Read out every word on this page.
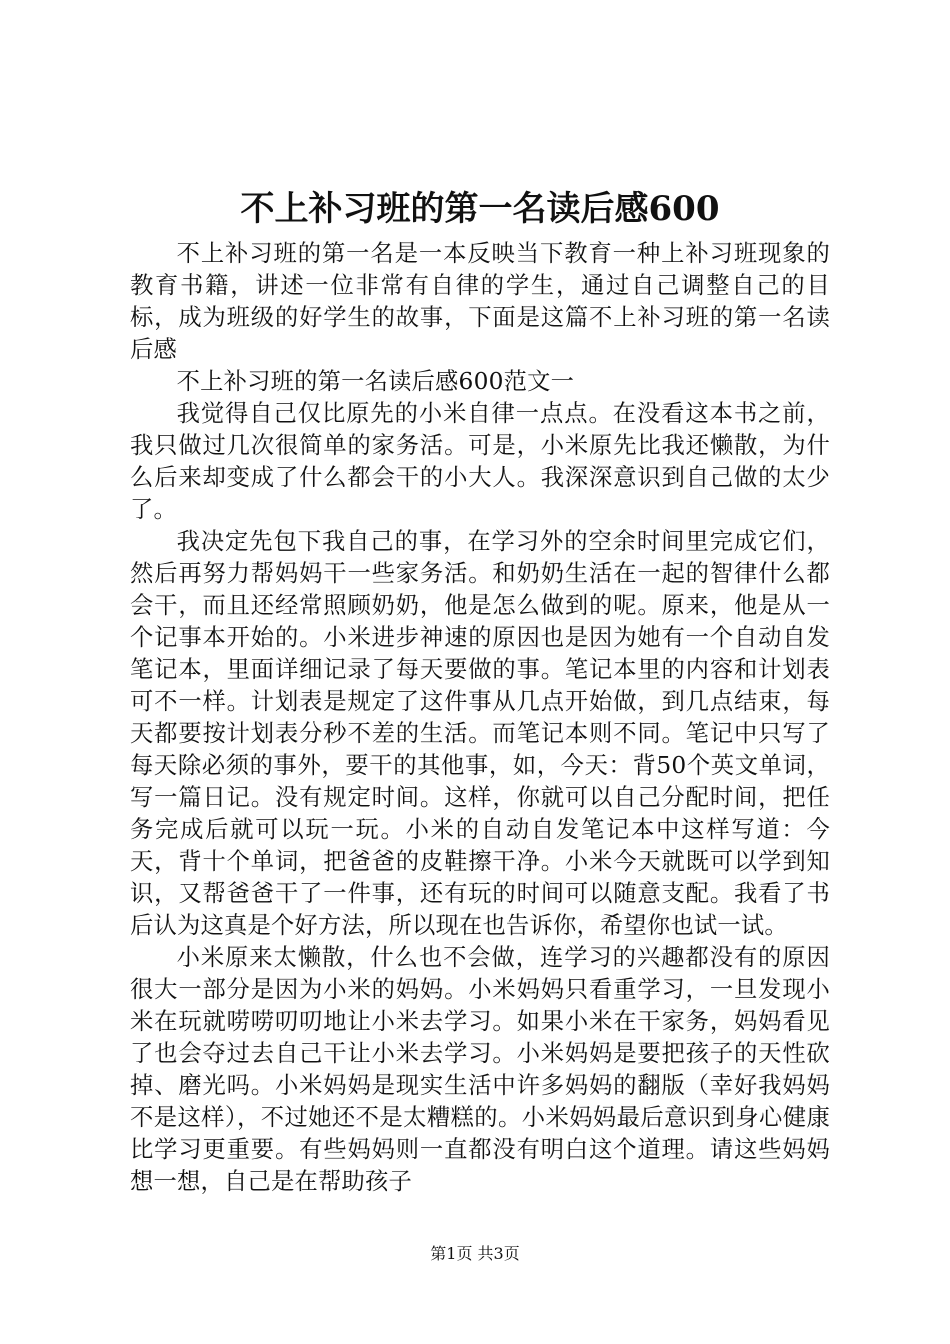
不上补习班的第一名读后感600

不上补习班的第一名是一本反映当下教育一种上补习班现象的教育书籍，讲述一位非常有自律的学生，通过自己调整自己的目标，成为班级的好学生的故事，下面是这篇不上补习班的第一名读后感

不上补习班的第一名读后感600范文一

我觉得自己仅比原先的小米自律一点点。在没看这本书之前，我只做过几次很简单的家务活。可是，小米原先比我还懒散，为什么后来却变成了什么都会干的小大人。我深深意识到自己做的太少了。

我决定先包下我自己的事，在学习外的空余时间里完成它们，然后再努力帮妈妈干一些家务活。和奶奶生活在一起的智律什么都会干，而且还经常照顾奶奶，他是怎么做到的呢。原来，他是从一个记事本开始的。小米进步神速的原因也是因为她有一个自动自发笔记本，里面详细记录了每天要做的事。笔记本里的内容和计划表可不一样。计划表是规定了这件事从几点开始做，到几点结束，每天都要按计划表分秒不差的生活。而笔记本则不同。笔记中只写了每天除必须的事外，要干的其他事，如，今天：背50个英文单词，写一篇日记。没有规定时间。这样，你就可以自己分配时间，把任务完成后就可以玩一玩。小米的自动自发笔记本中这样写道：今天，背十个单词，把爸爸的皮鞋擦干净。小米今天就既可以学到知识，又帮爸爸干了一件事，还有玩的时间可以随意支配。我看了书后认为这真是个好方法，所以现在也告诉你，希望你也试一试。

小米原来太懒散，什么也不会做，连学习的兴趣都没有的原因很大一部分是因为小米的妈妈。小米妈妈只看重学习，一旦发现小米在玩就唠唠叨叨地让小米去学习。如果小米在干家务，妈妈看见了也会夺过去自己干让小米去学习。小米妈妈是要把孩子的天性砍掉、磨光吗。小米妈妈是现实生活中许多妈妈的翻版（幸好我妈妈不是这样），不过她还不是太糟糕的。小米妈妈最后意识到身心健康比学习更重要。有些妈妈则一直都没有明白这个道理。请这些妈妈想一想，自己是在帮助孩子

第1页 共3页
